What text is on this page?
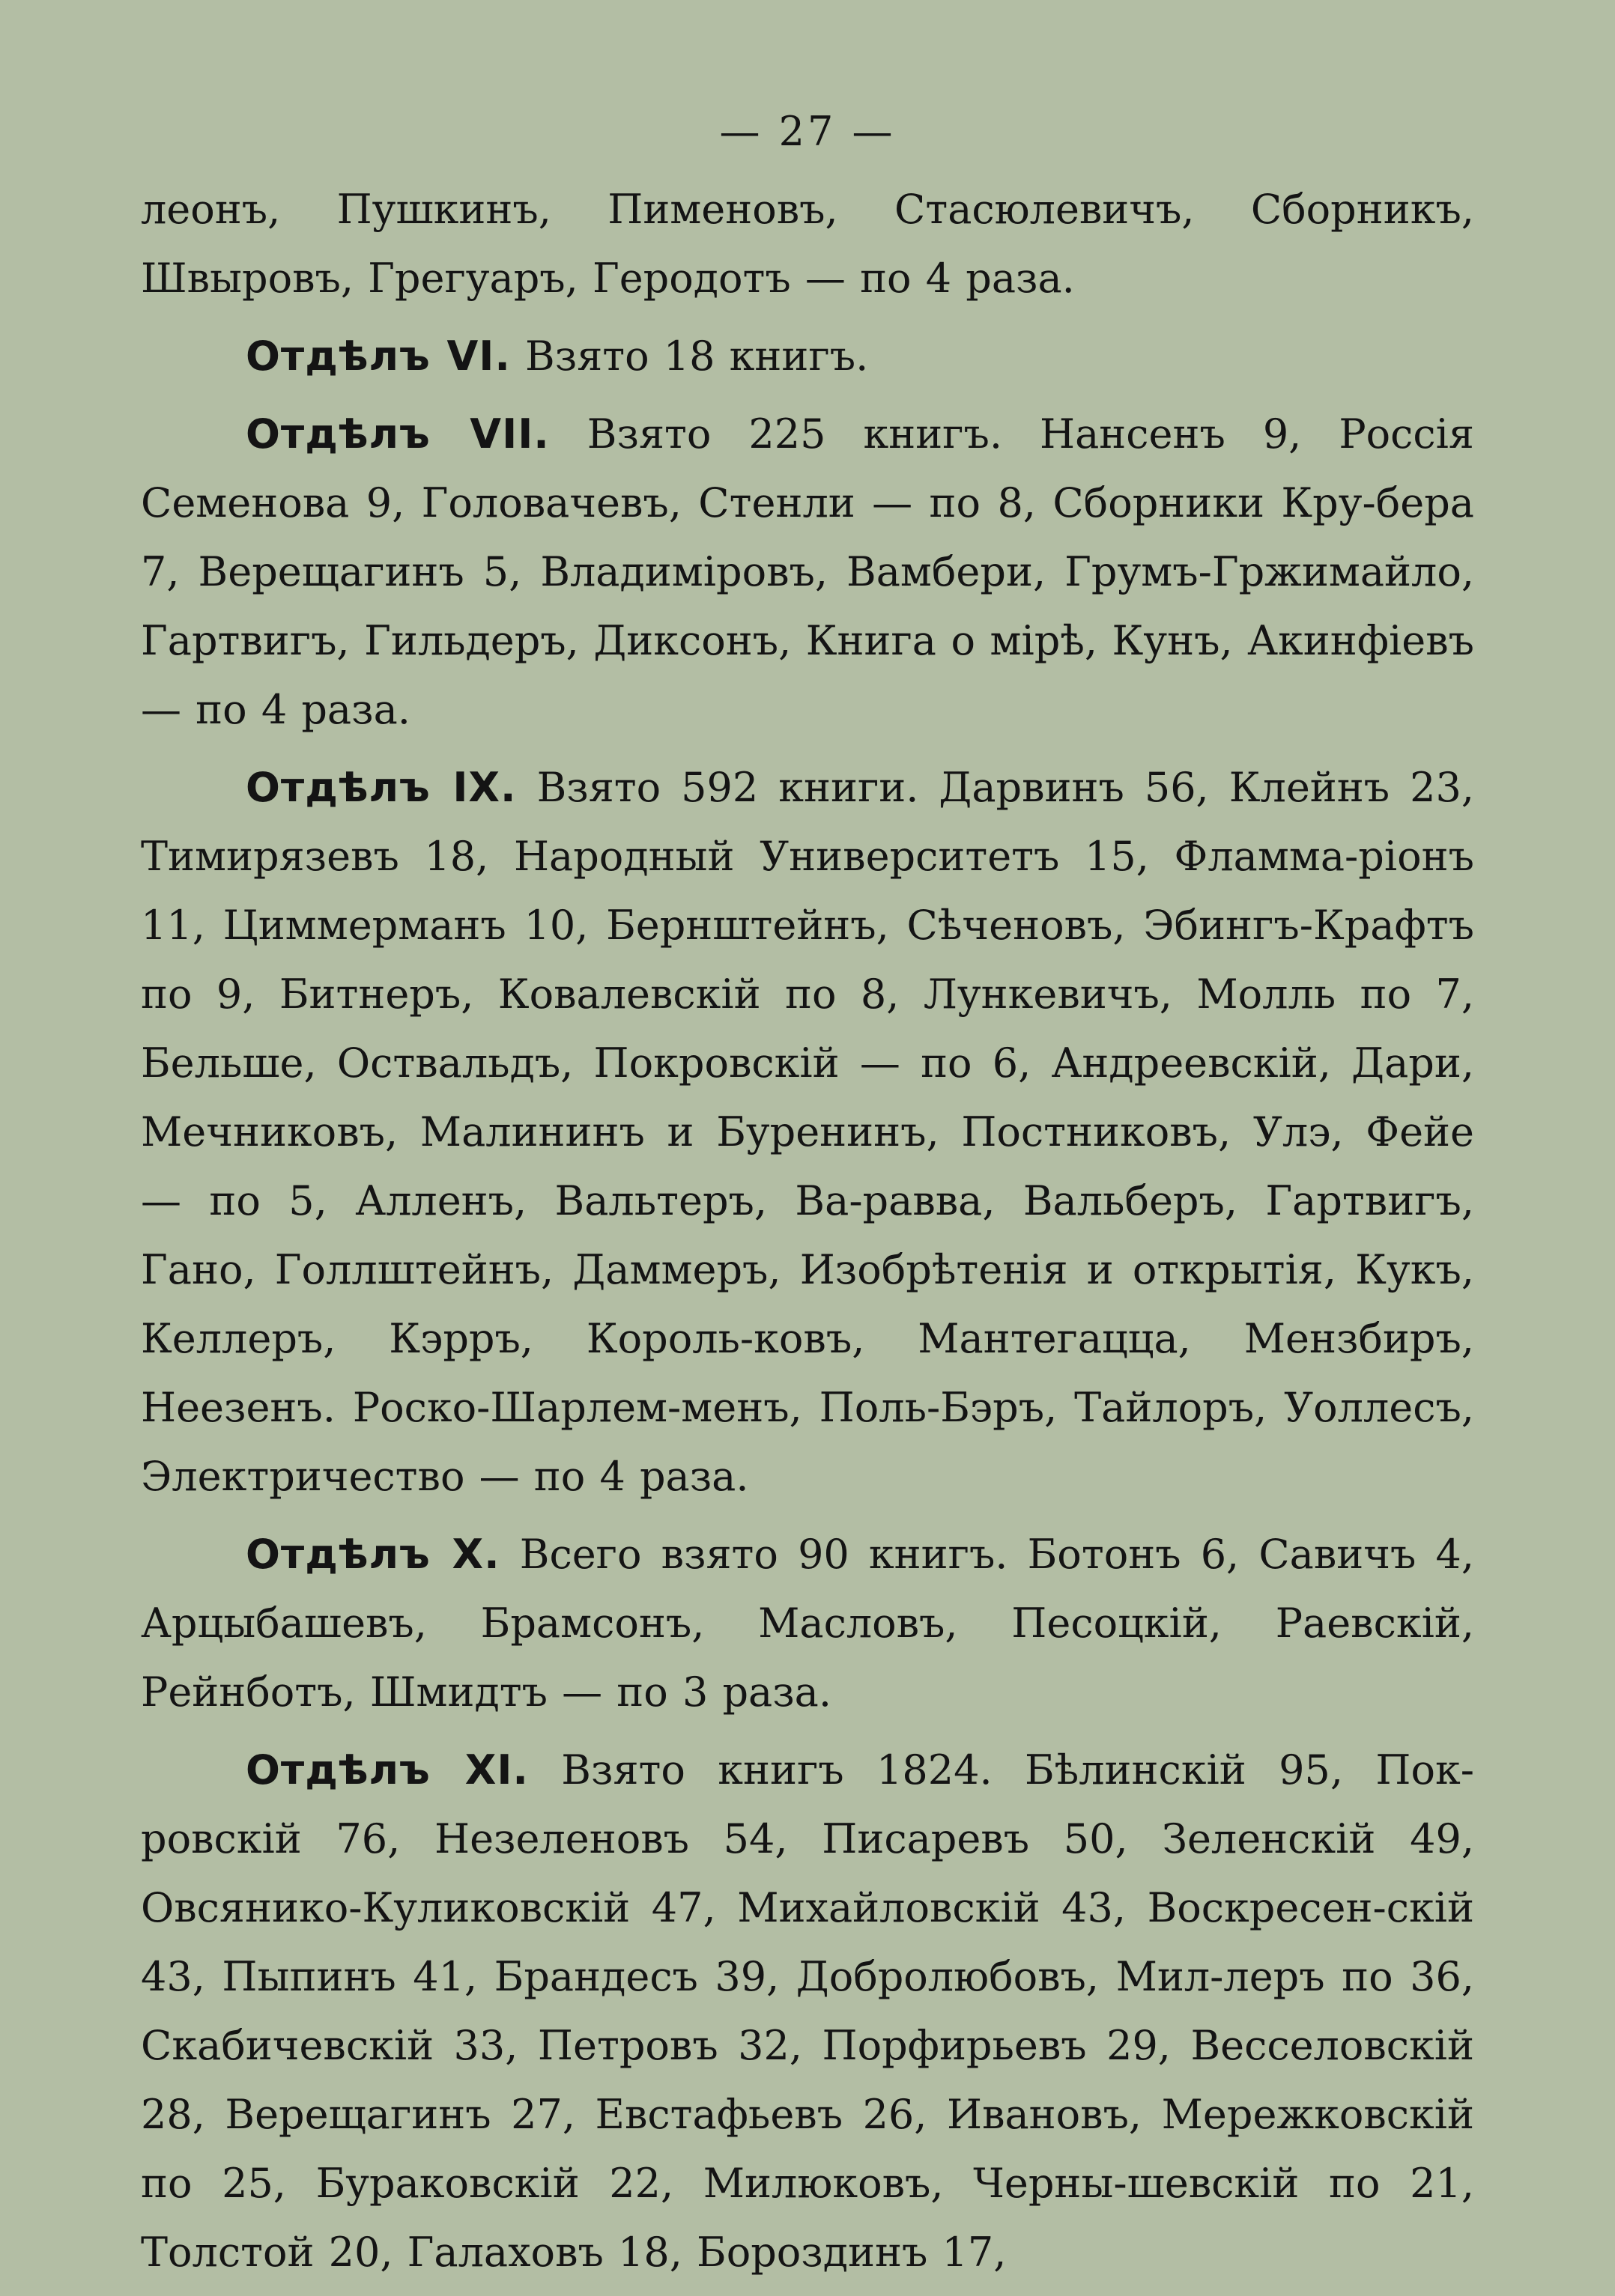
— 27 —

леонъ, Пушкинъ, Пименовъ, Стасюлевичъ, Сборникъ, Швыровъ, Грегуаръ, Геродотъ — по 4 раза.

Отдѣлъ VI. Взято 18 книгъ.

Отдѣлъ VII. Взято 225 книгъ. Нансенъ 9, Россія Семенова 9, Головачевъ, Стенли — по 8, Сборники Кру-бера 7, Верещагинъ 5, Владиміровъ, Вамбери, Грумъ-Гржимайло, Гартвигъ, Гильдеръ, Диксонъ, Книга о мірѣ, Кунъ, Акинфіевъ — по 4 раза.

Отдѣлъ IX. Взято 592 книги. Дарвинъ 56, Клейнъ 23, Тимирязевъ 18, Народный Университетъ 15, Фламма-ріонъ 11, Циммерманъ 10, Бернштейнъ, Сѣченовъ, Эбингъ-Крафтъ по 9, Битнеръ, Ковалевскій по 8, Лункевичъ, Молль по 7, Бельше, Оствальдъ, Покровскій — по 6, Андреевскій, Дари, Мечниковъ, Малининъ и Буренинъ, Постниковъ, Улэ, Фейе — по 5, Алленъ, Вальтеръ, Ва-равва, Вальберъ, Гартвигъ, Гано, Голлштейнъ, Даммеръ, Изобрѣтенія и открытія, Кукъ, Келлеръ, Кэрръ, Король-ковъ, Мантегацца, Мензбиръ, Неезенъ. Роско-Шарлем-менъ, Поль-Бэръ, Тайлоръ, Уоллесъ, Электричество — по 4 раза.

Отдѣлъ X. Всего взято 90 книгъ. Ботонъ 6, Савичъ 4, Арцыбашевъ, Брамсонъ, Масловъ, Песоцкій, Раевскій, Рейнботъ, Шмидтъ — по 3 раза.

Отдѣлъ XI. Взято книгъ 1824. Бѣлинскій 95, Пок-ровскій 76, Незеленовъ 54, Писаревъ 50, Зеленскій 49, Овсянико-Куликовскій 47, Михайловскій 43, Воскресен-скій 43, Пыпинъ 41, Брандесъ 39, Добролюбовъ, Мил-леръ по 36, Скабичевскій 33, Петровъ 32, Порфирьевъ 29, Весселовскій 28, Верещагинъ 27, Евстафьевъ 26, Ивановъ, Мережковскій по 25, Бураковскій 22, Милюковъ, Черны-шевскій по 21, Толстой 20, Галаховъ 18, Бороздинъ 17,
